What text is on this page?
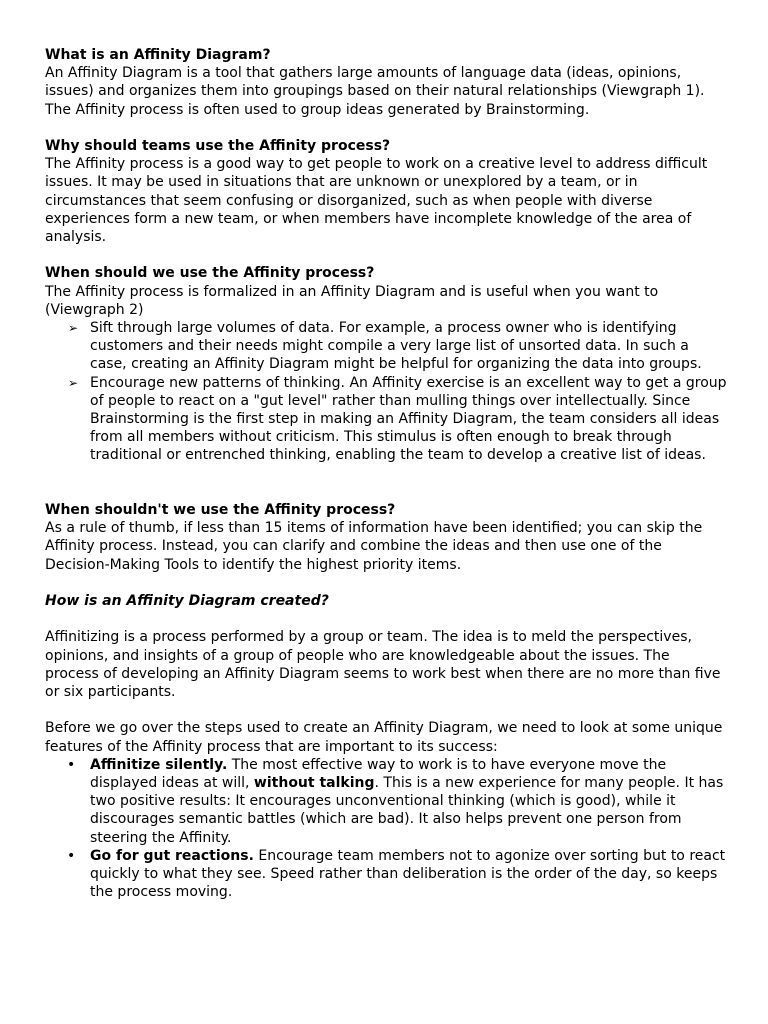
What is an Affinity Diagram?

An Affinity Diagram is a tool that gathers large amounts of language data (ideas, opinions, issues) and organizes them into groupings based on their natural relationships (Viewgraph 1). The Affinity process is often used to group ideas generated by Brainstorming.

Why should teams use the Affinity process?

The Affinity process is a good way to get people to work on a creative level to address difficult issues. It may be used in situations that are unknown or unexplored by a team, or in circumstances that seem confusing or disorganized, such as when people with diverse experiences form a new team, or when members have incomplete knowledge of the area of analysis.

When should we use the Affinity process?

The Affinity process is formalized in an Affinity Diagram and is useful when you want to (Viewgraph 2)

➢ Sift through large volumes of data. For example, a process owner who is identifying customers and their needs might compile a very large list of unsorted data. In such a case, creating an Affinity Diagram might be helpful for organizing the data into groups.
➢ Encourage new patterns of thinking. An Affinity exercise is an excellent way to get a group of people to react on a "gut level" rather than mulling things over intellectually. Since Brainstorming is the first step in making an Affinity Diagram, the team considers all ideas from all members without criticism. This stimulus is often enough to break through traditional or entrenched thinking, enabling the team to develop a creative list of ideas.

When shouldn't we use the Affinity process?

As a rule of thumb, if less than 15 items of information have been identified; you can skip the Affinity process. Instead, you can clarify and combine the ideas and then use one of the Decision-Making Tools to identify the highest priority items.

How is an Affinity Diagram created?

Affinitizing is a process performed by a group or team. The idea is to meld the perspectives, opinions, and insights of a group of people who are knowledgeable about the issues. The process of developing an Affinity Diagram seems to work best when there are no more than five or six participants.

Before we go over the steps used to create an Affinity Diagram, we need to look at some unique features of the Affinity process that are important to its success:

• Affinitize silently. The most effective way to work is to have everyone move the displayed ideas at will, without talking. This is a new experience for many people. It has two positive results: It encourages unconventional thinking (which is good), while it discourages semantic battles (which are bad). It also helps prevent one person from steering the Affinity.
• Go for gut reactions. Encourage team members not to agonize over sorting but to react quickly to what they see. Speed rather than deliberation is the order of the day, so keeps the process moving.
